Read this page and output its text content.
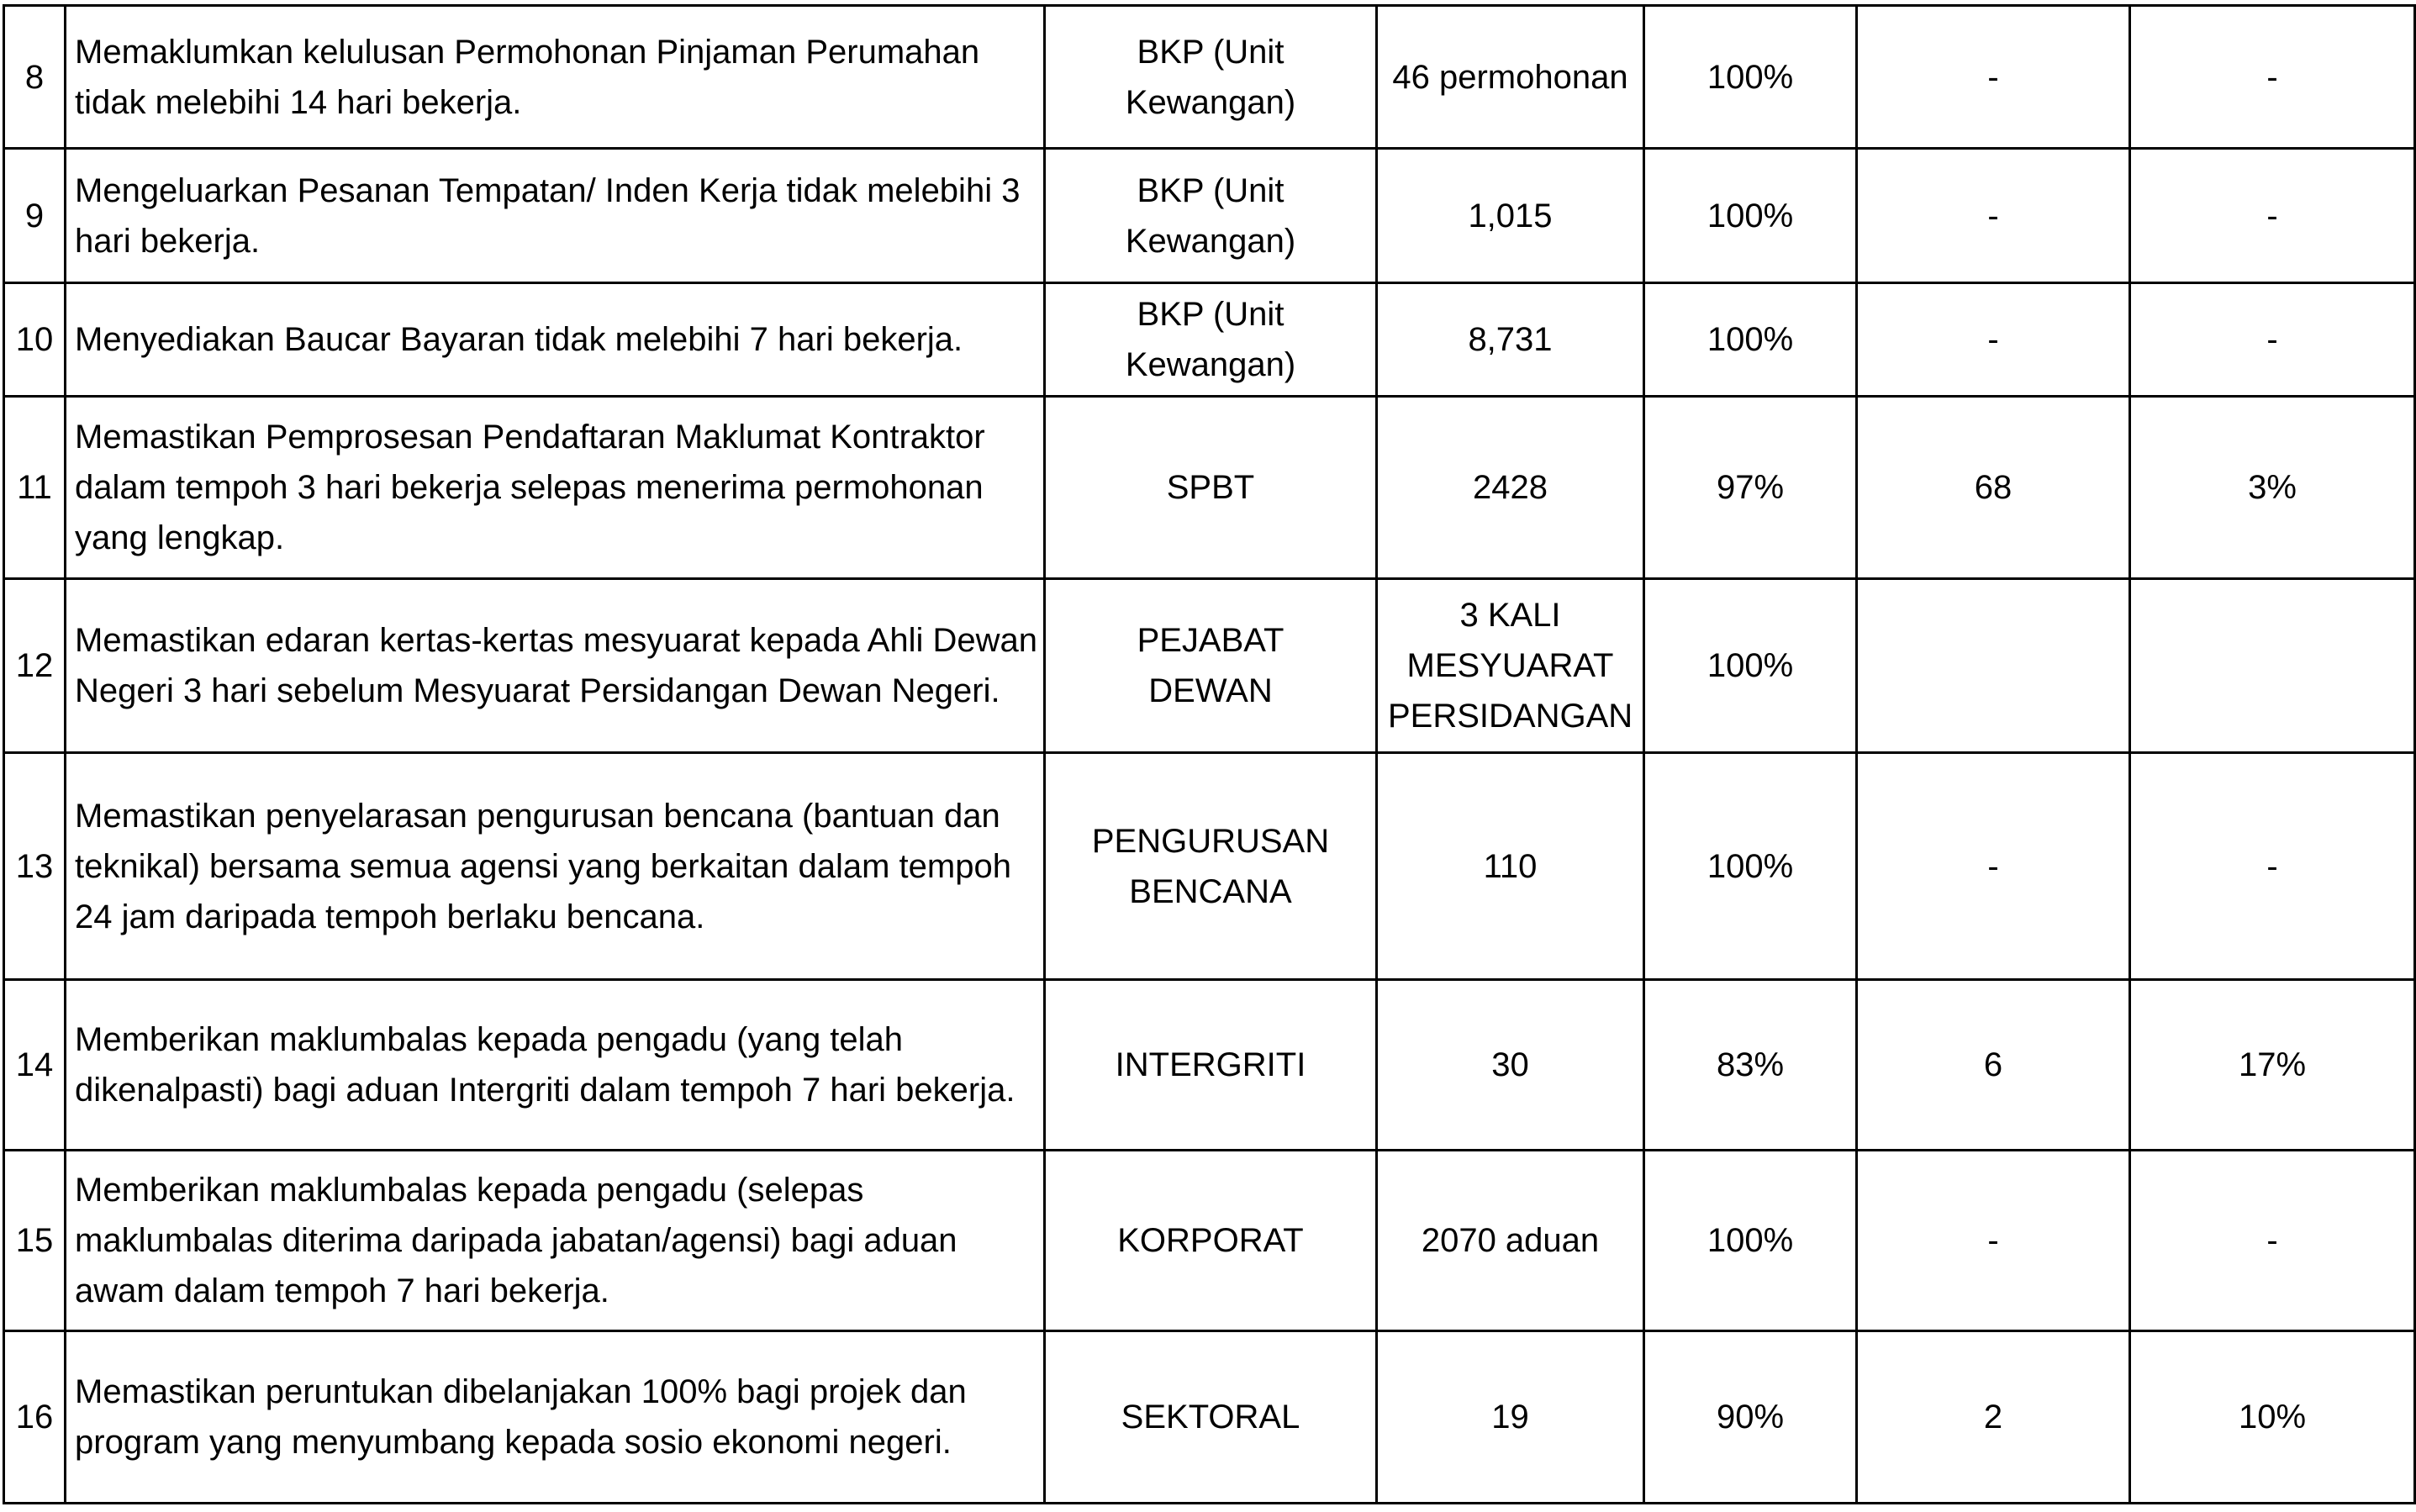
8	Memaklumkan kelulusan Permohonan Pinjaman Perumahan tidak melebihi 14 hari bekerja.	BKP (Unit Kewangan)	46 permohonan	100%	-	-
9	Mengeluarkan Pesanan Tempatan/ Inden Kerja tidak melebihi 3 hari bekerja.	BKP (Unit Kewangan)	1,015	100%	-	-
10	Menyediakan Baucar Bayaran tidak melebihi 7 hari bekerja.	BKP (Unit Kewangan)	8,731	100%	-	-
11	Memastikan Pemprosesan Pendaftaran Maklumat Kontraktor dalam tempoh 3 hari bekerja selepas menerima permohonan yang lengkap.	SPBT	2428	97%	68	3%
12	Memastikan edaran kertas-kertas mesyuarat kepada Ahli Dewan Negeri 3 hari sebelum Mesyuarat Persidangan Dewan Negeri.	PEJABAT DEWAN	3 KALI MESYUARAT PERSIDANGAN	100%		
13	Memastikan penyelarasan pengurusan bencana (bantuan dan teknikal) bersama semua agensi yang berkaitan dalam tempoh 24 jam daripada tempoh berlaku bencana.	PENGURUSAN BENCANA	110	100%	-	-
14	Memberikan maklumbalas kepada pengadu (yang telah dikenalpasti) bagi aduan Intergriti dalam tempoh 7 hari bekerja.	INTERGRITI	30	83%	6	17%
15	Memberikan maklumbalas kepada pengadu (selepas maklumbalas diterima daripada jabatan/agensi) bagi aduan awam dalam tempoh 7 hari bekerja.	KORPORAT	2070 aduan	100%	-	-
16	Memastikan peruntukan dibelanjakan 100% bagi projek dan program yang menyumbang kepada sosio ekonomi negeri.	SEKTORAL	19	90%	2	10%
